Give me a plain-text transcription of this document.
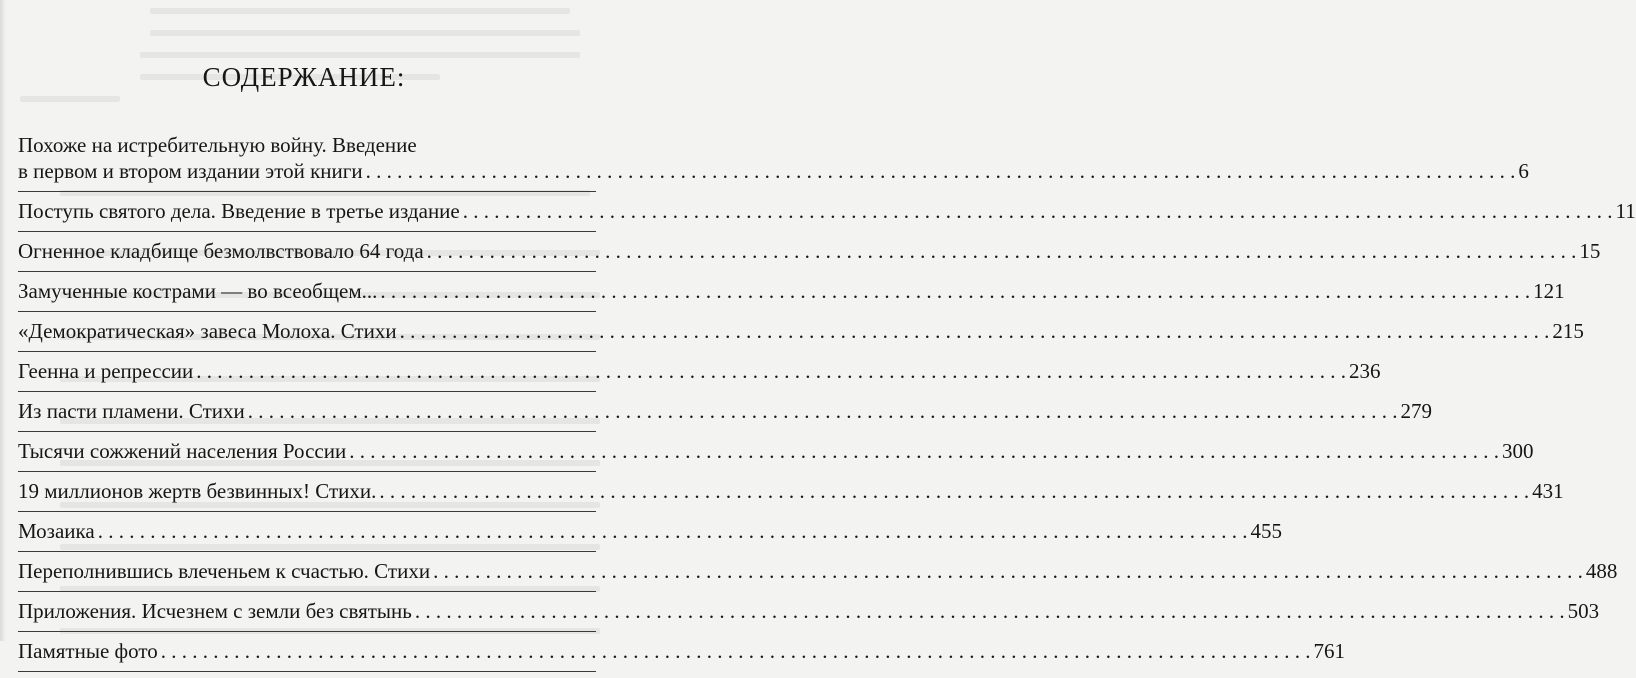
СОДЕРЖАНИЕ:
Похоже на истребительную войну. Введение
в первом и втором издании этой книги . . .	6
Поступь святого дела. Введение в третье издание . . .	11
Огненное кладбище безмолвствовало 64 года . . .	15
Замученные кострами — во всеобщем... . . .	121
«Демократическая» завеса Молоха. Стихи . . .	215
Геенна и репрессии . . .	236
Из пасти пламени. Стихи . . .	279
Тысячи сожжений населения России . . .	300
19 миллионов жертв безвинных! Стихи. . . .	431
Мозаика . . .	455
Переполнившись влеченьем к счастью. Стихи . . .	488
Приложения. Исчезнем с земли без святынь . . .	503
Памятные фото . . .	761
